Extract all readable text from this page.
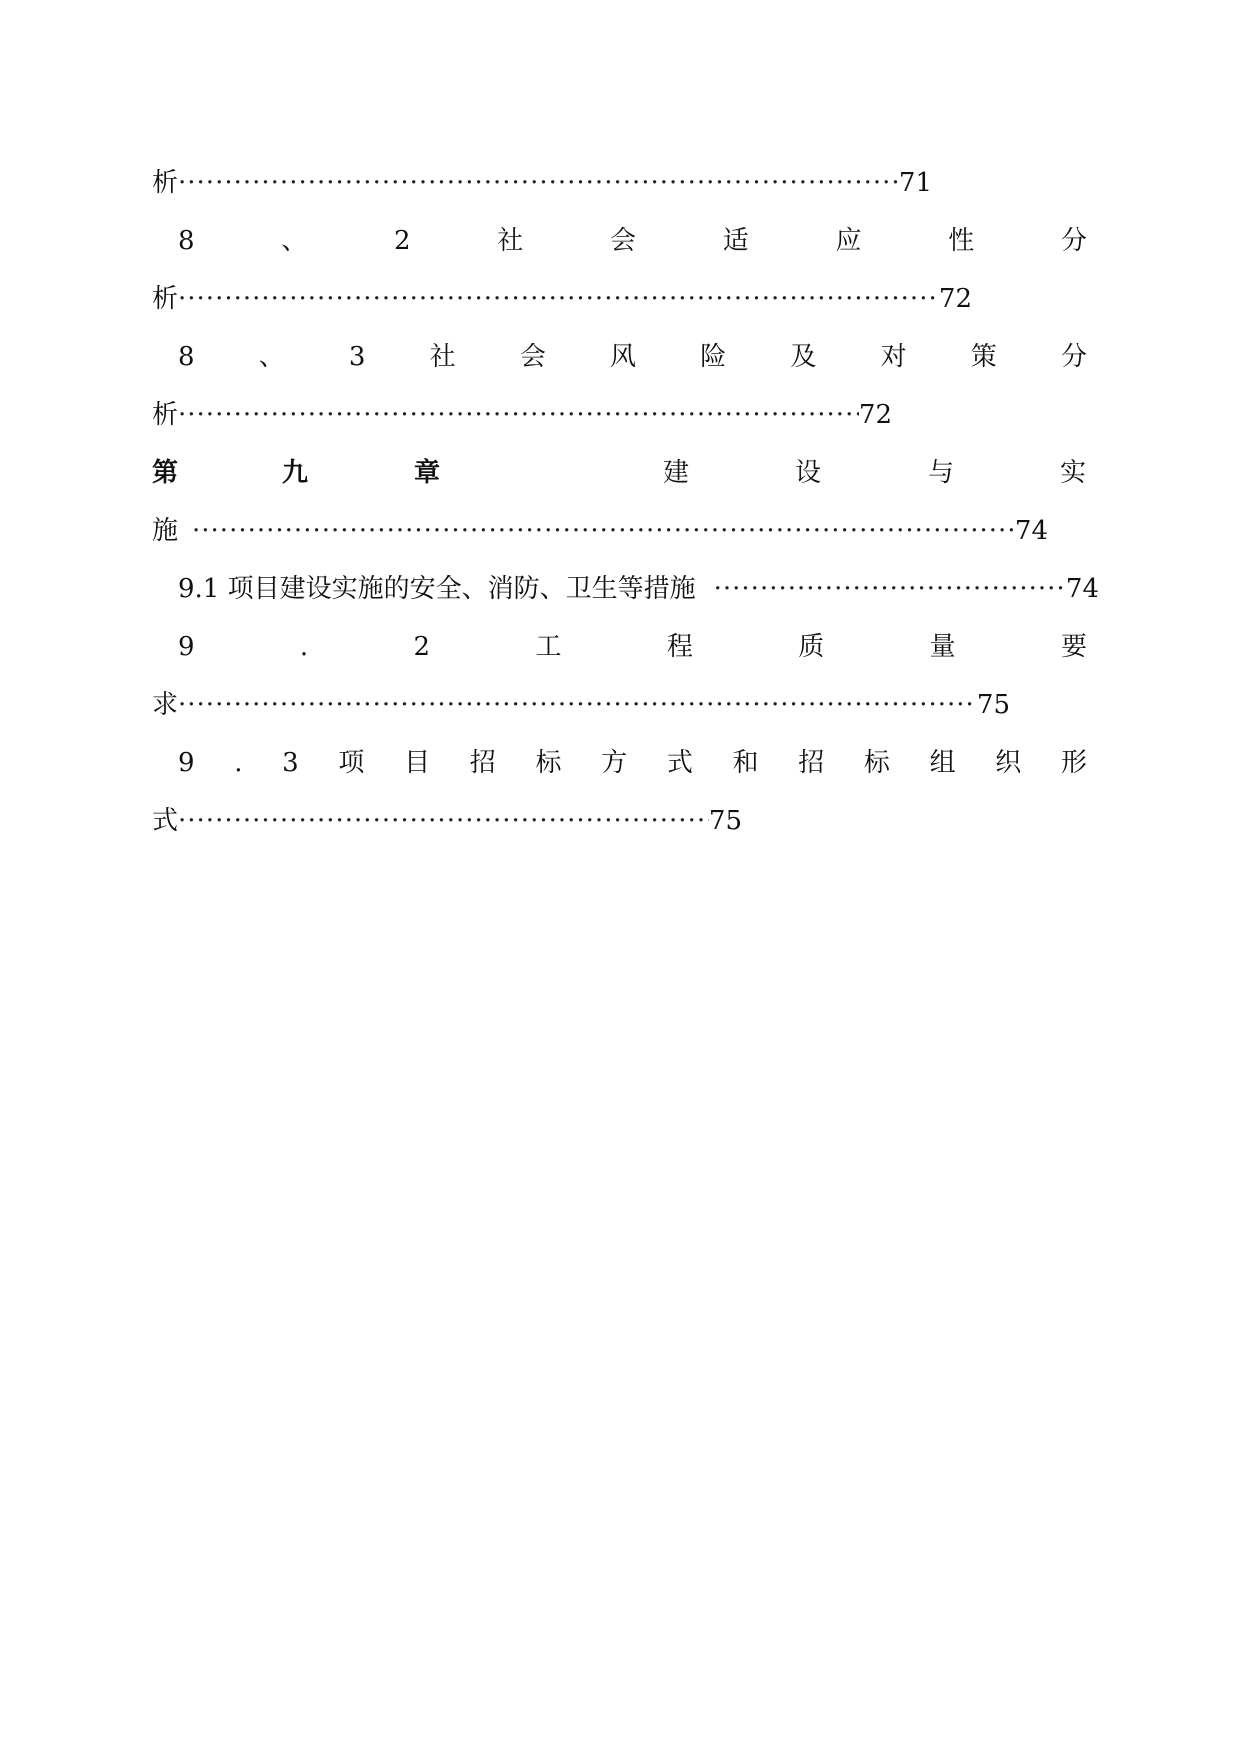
析 ·····	71
8	、	2	社	会	适	应	性	分
析 ·····	72
8 、 3 社 会 风 险 及 对 策 分
析 ·····	72
第	九	章	建	设	与	实
施 ·····	74
9.1 项目建设实施的安全、消防、卫生等措施 ·····	74
9	.	2	工	程	质	量	要
求 ·····	75
9 . 3 项 目 招 标 方 式 和 招 标 组 织 形
式 ·····	75
